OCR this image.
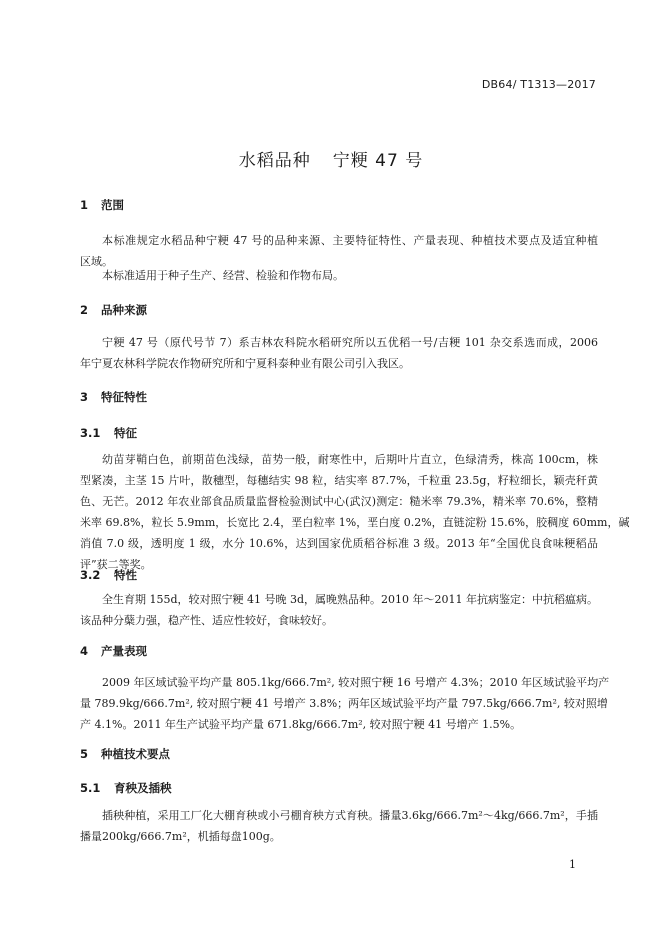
DB64/ T1313—2017
水稻品种 宁粳 47 号
1 范围
本标准规定水稻品种宁粳 47 号的品种来源、主要特征特性、产量表现、种植技术要点及适宜种植
区域。
本标准适用于种子生产、经营、检验和作物布局。
2 品种来源
宁粳 47 号（原代号节 7）系吉林农科院水稻研究所以五优稻一号/吉粳 101 杂交系选而成，2006
年宁夏农林科学院农作物研究所和宁夏科泰种业有限公司引入我区。
3 特征特性
3.1 特征
幼苗芽鞘白色，前期苗色浅绿，苗势一般，耐寒性中，后期叶片直立，色绿清秀，株高 100cm，株
型紧凑，主茎 15 片叶，散穗型，每穗结实 98 粒，结实率 87.7%，千粒重 23.5g，籽粒细长，颖壳秆黄
色、无芒。2012 年农业部食品质量监督检验测试中心(武汉)测定：糙米率 79.3%，精米率 70.6%，整精
米率 69.8%，粒长 5.9mm，长宽比 2.4，垩白粒率 1%，垩白度 0.2%，直链淀粉 15.6%，胶稠度 60mm，碱
消值 7.0 级，透明度 1 级，水分 10.6%，达到国家优质稻谷标准 3 级。2013 年“全国优良食味粳稻品
评”获二等奖。
3.2 特性
全生育期 155d，较对照宁粳 41 号晚 3d，属晚熟品种。2010 年～2011 年抗病鉴定：中抗稻瘟病。
该品种分蘖力强，稳产性、适应性较好，食味较好。
4 产量表现
2009 年区域试验平均产量 805.1kg/666.7m², 较对照宁粳 16 号增产 4.3%；2010 年区域试验平均产
量 789.9kg/666.7m², 较对照宁粳 41 号增产 3.8%；两年区域试验平均产量 797.5kg/666.7m², 较对照增
产 4.1%。2011 年生产试验平均产量 671.8kg/666.7m², 较对照宁粳 41 号增产 1.5%。
5 种植技术要点
5.1 育秧及插秧
插秧种植，采用工厂化大棚育秧或小弓棚育秧方式育秧。播量3.6kg/666.7m²～4kg/666.7m²，手插
播量200kg/666.7m²，机插每盘100g。
1
